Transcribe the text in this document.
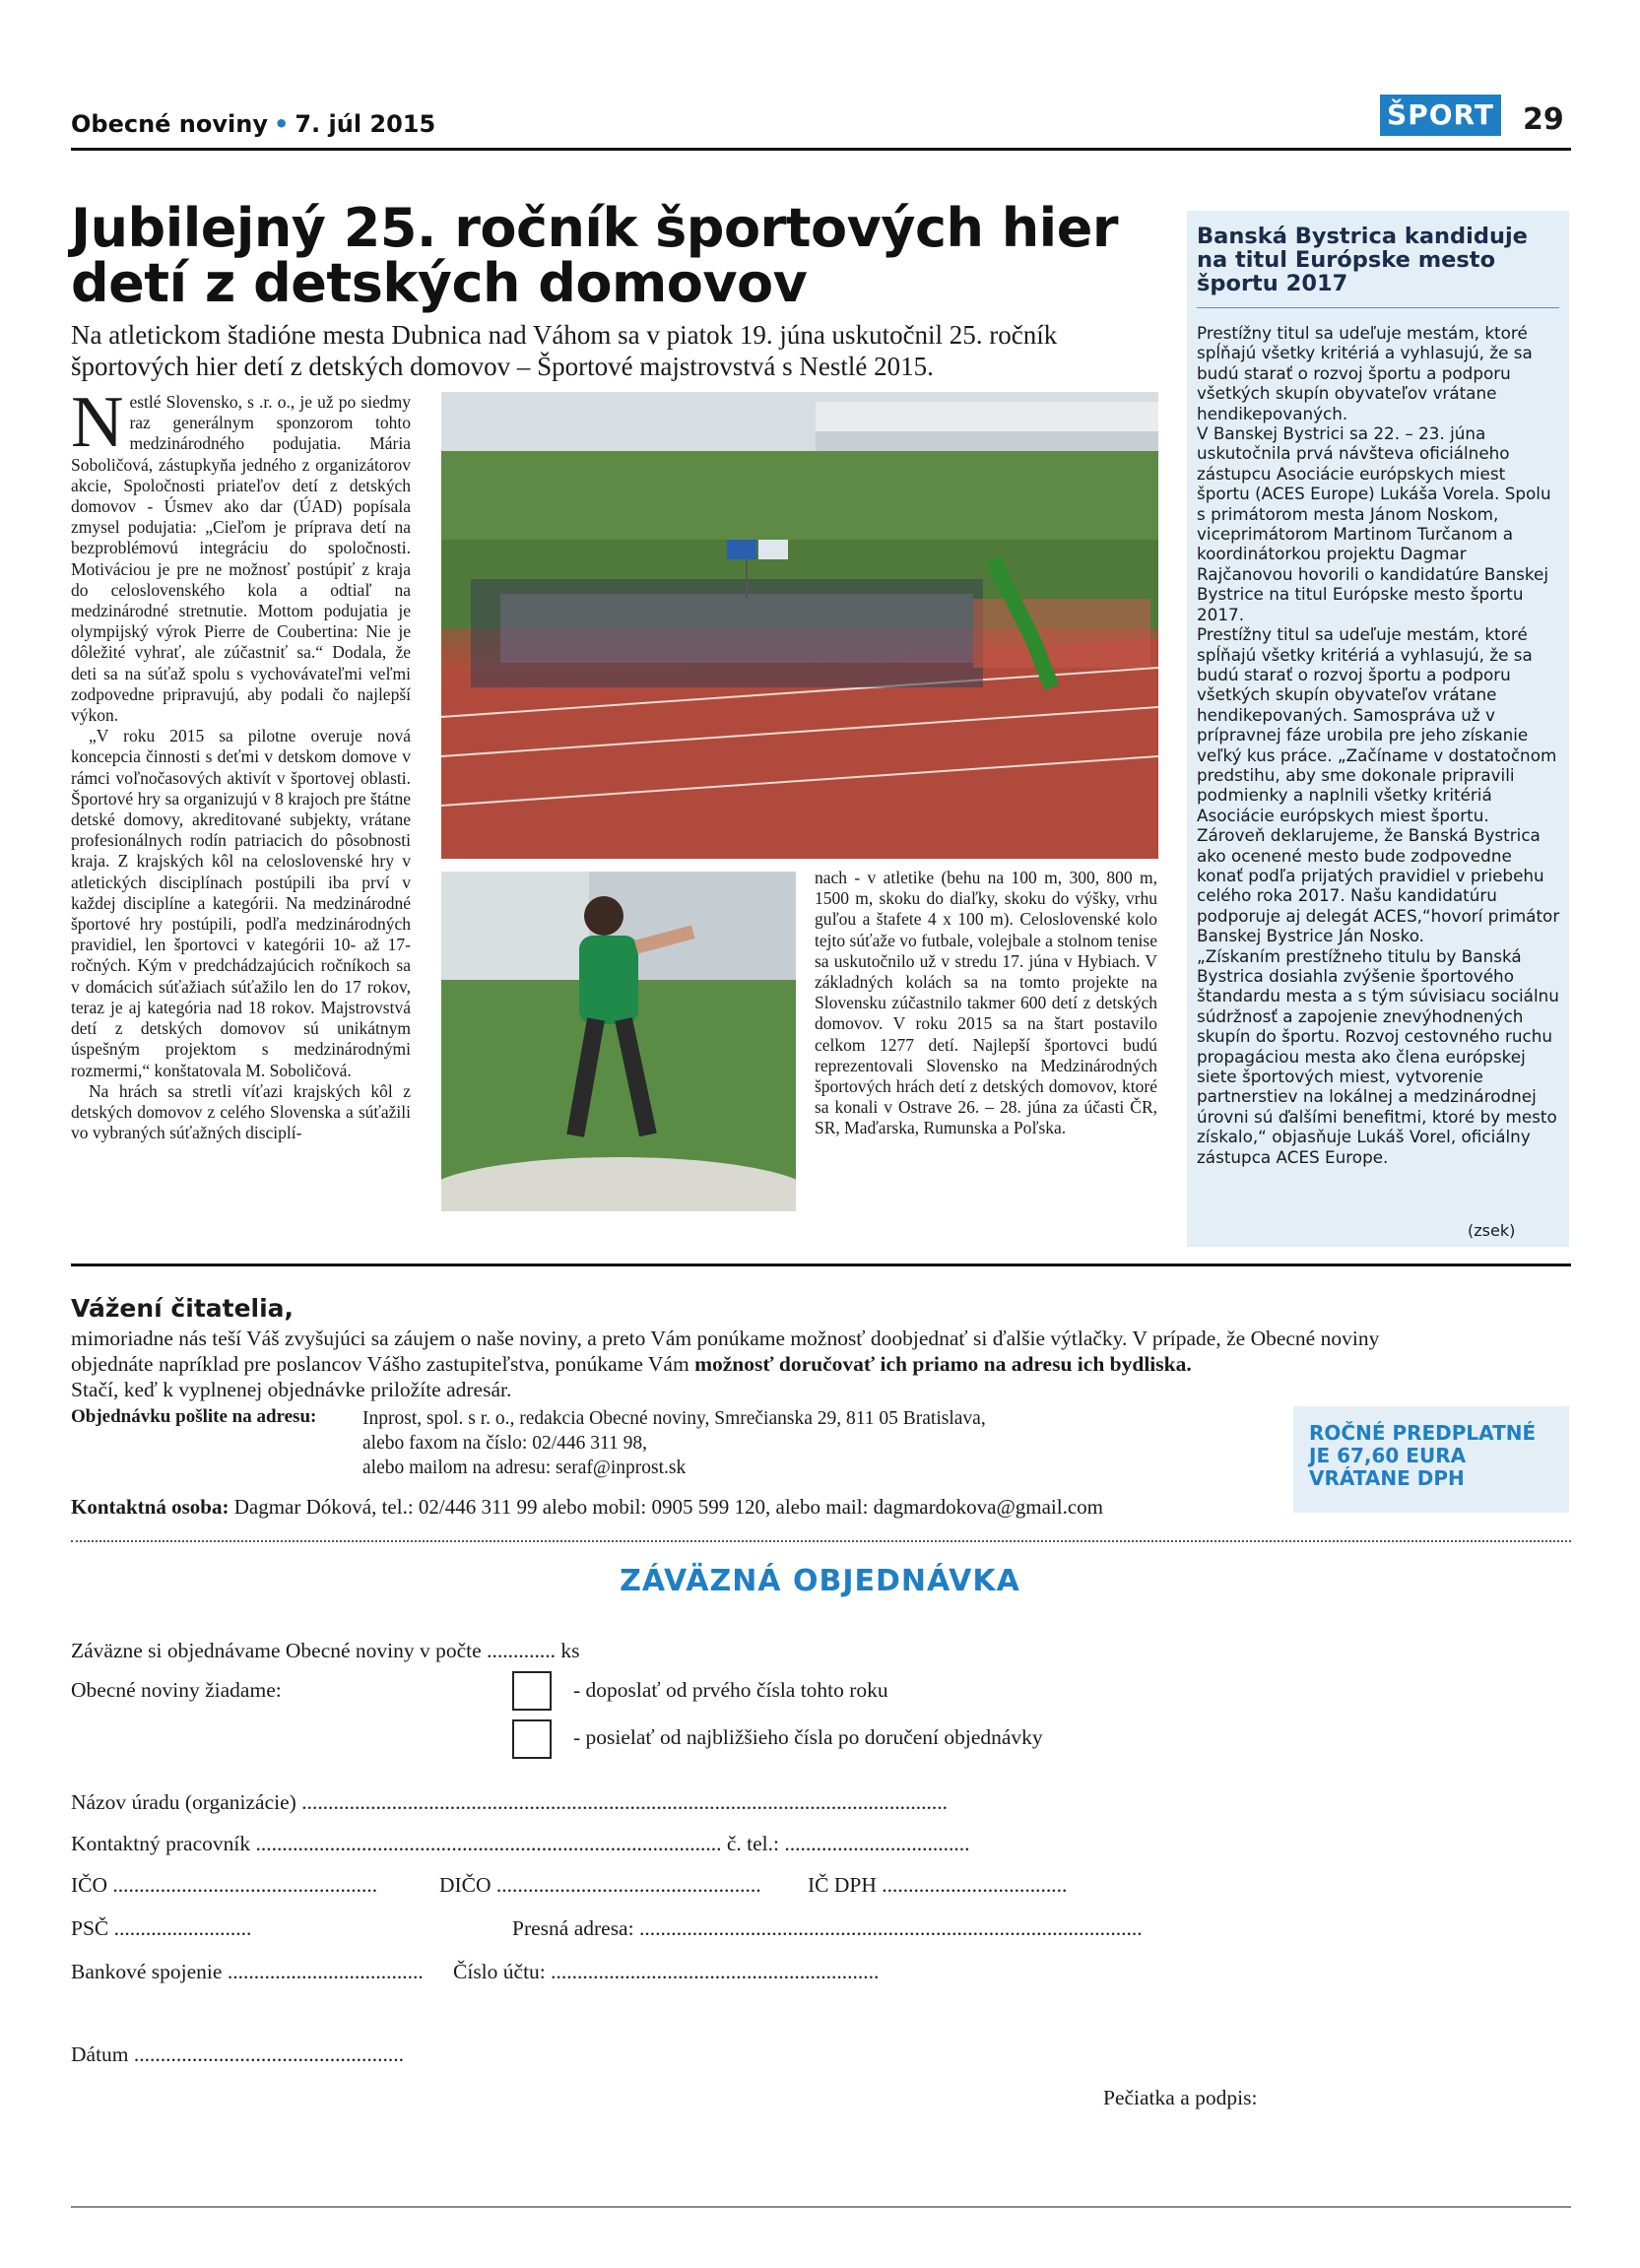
Obecné noviny • 7. júl 2015	ŠPORT 29
Jubilejný 25. ročník športových hier detí z detských domovov
Na atletickom štadióne mesta Dubnica nad Váhom sa v piatok 19. júna uskutočnil 25. ročník športových hier detí z detských domovov – Športové majstrovstvá s Nestlé 2015.

Nestlé Slovensko, s .r. o., je už po siedmy raz generálnym sponzorom tohto medzinárodného podujatia. Mária Soboličová, zástupkyňa jedného z organizátorov akcie, Spoločnosti priateľov detí z detských domovov - Úsmev ako dar (ÚAD) popísala zmysel podujatia: „Cieľom je príprava detí na bezproblémovú integráciu do spoločnosti. Motiváciou je pre ne možnosť postúpiť z kraja do celoslovenského kola a odtiaľ na medzinárodné stretnutie. Mottom podujatia je olympijský výrok Pierre de Coubertina: Nie je dôležité vyhrať, ale zúčastniť sa.“ Dodala, že deti sa na súťaž spolu s vychovávateľmi veľmi zodpovedne pripravujú, aby podali čo najlepší výkon.

„V roku 2015 sa pilotne overuje nová koncepcia činnosti s deťmi v detskom domove v rámci voľnočasových aktivít v športovej oblasti. Športové hry sa organizujú v 8 krajoch pre štátne detské domovy, akreditované subjekty, vrátane profesionálnych rodín patriacich do pôsobnosti kraja. Z krajských kôl na celoslovenské hry v atletických disciplínach postúpili iba prví v každej disciplíne a kategórii. Na medzinárodné športové hry postúpili, podľa medzinárodných pravidiel, len športovci v kategórii 10- až 17-ročných. Kým v predchádzajúcich ročníkoch sa v domácich súťažiach súťažilo len do 17 rokov, teraz je aj kategória nad 18 rokov. Majstrovstvá detí z detských domovov sú unikátnym úspešným projektom s medzinárodnými rozmermi,“ konštatovala M. Soboličová.

Na hrách sa stretli víťazi krajských kôl z detských domovov z celého Slovenska a súťažili vo vybraných súťažných disciplí-

nach - v atletike (behu na 100 m, 300, 800 m, 1500 m, skoku do diaľky, skoku do výšky, vrhu guľou a štafete 4 x 100 m). Celoslovenské kolo tejto súťaže vo futbale, volejbale a stolnom tenise sa uskutočnilo už v stredu 17. júna v Hybiach. V základných kolách sa na tomto projekte na Slovensku zúčastnilo takmer 600 detí z detských domovov. V roku 2015 sa na štart postavilo celkom 1277 detí. Najlepší športovci budú reprezentovali Slovensko na Medzinárodných športových hrách detí z detských domovov, ktoré sa konali v Ostrave 26. – 28. júna za účasti ČR, SR, Maďarska, Rumunska a Poľska.
Banská Bystrica kandiduje na titul Európske mesto športu 2017

Prestížny titul sa udeľuje mestám, ktoré spĺňajú všetky kritériá a vyhlasujú, že sa budú starať o rozvoj športu a podporu všetkých skupín obyvateľov vrátane hendikepovaných.

V Banskej Bystrici sa 22. – 23. júna uskutočnila prvá návšteva oficiálneho zástupcu Asociácie európskych miest športu (ACES Europe) Lukáša Vorela. Spolu s primátorom mesta Jánom Noskom, viceprimátorom Martinom Turčanom a koordinátorkou projektu Dagmar Rajčanovou hovorili o kandidatúre Banskej Bystrice na titul Európske mesto športu 2017.

Prestížny titul sa udeľuje mestám, ktoré spĺňajú všetky kritériá a vyhlasujú, že sa budú starať o rozvoj športu a podporu všetkých skupín obyvateľov vrátane hendikepovaných. Samospráva už v prípravnej fáze urobila pre jeho získanie veľký kus práce. „Začíname v dostatočnom predstihu, aby sme dokonale pripravili podmienky a naplnili všetky kritériá Asociácie európskych miest športu. Zároveň deklarujeme, že Banská Bystrica ako ocenené mesto bude zodpovedne konať podľa prijatých pravidiel v priebehu celého roka 2017. Našu kandidatúru podporuje aj delegát ACES,“hovorí primátor Banskej Bystrice Ján Nosko.

„Získaním prestížneho titulu by Banská Bystrica dosiahla zvýšenie športového štandardu mesta a s tým súvisiacu sociálnu súdržnosť a zapojenie znevýhodnených skupín do športu. Rozvoj cestovného ruchu propagáciou mesta ako člena európskej siete športových miest, vytvorenie partnerstiev na lokálnej a medzinárodnej úrovni sú ďalšími benefitmi, ktoré by mesto získalo,“ objasňuje Lukáš Vorel, oficiálny zástupca ACES Europe.

(zsek)
Vážení čitatelia,
mimoriadne nás teší Váš zvyšujúci sa záujem o naše noviny, a preto Vám ponúkame možnosť doobjednať si ďalšie výtlačky. V prípade, že Obecné noviny objednáte napríklad pre poslancov Vášho zastupiteľstva, ponúkame Vám možnosť doručovať ich priamo na adresu ich bydliska.
Stačí, keď k vyplnenej objednávke priložíte adresár.
Objednávku pošlite na adresu: Inprost, spol. s r. o., redakcia Obecné noviny, Smrečianska 29, 811 05 Bratislava,
alebo faxom na číslo: 02/446 311 98,
alebo mailom na adresu: seraf@inprost.sk
Kontaktná osoba: Dagmar Dóková, tel.: 02/446 311 99 alebo mobil: 0905 599 120, alebo mail: dagmardokova@gmail.com
ROČNÉ PREDPLATNÉ
JE 67,60 EURA
VRÁTANE DPH
ZÁVÄZNÁ OBJEDNÁVKA
Záväzne si objednávame Obecné noviny v počte ............. ks
Obecné noviny žiadame:	- doposlať od prvého čísla tohto roku
- posielať od najbližšieho čísla po doručení objednávky
Názov úradu (organizácie) ..........................................................................................................................
Kontaktný pracovník ........................................................................................ č. tel.: ...................................
IČO ..................................................	DIČO .................................................. IČ DPH ...................................
PSČ ..........................	Presná adresa: ...............................................................................................
Bankové spojenie ..................................... Číslo účtu: ..............................................................
Dátum ...................................................
Pečiatka a podpis:
